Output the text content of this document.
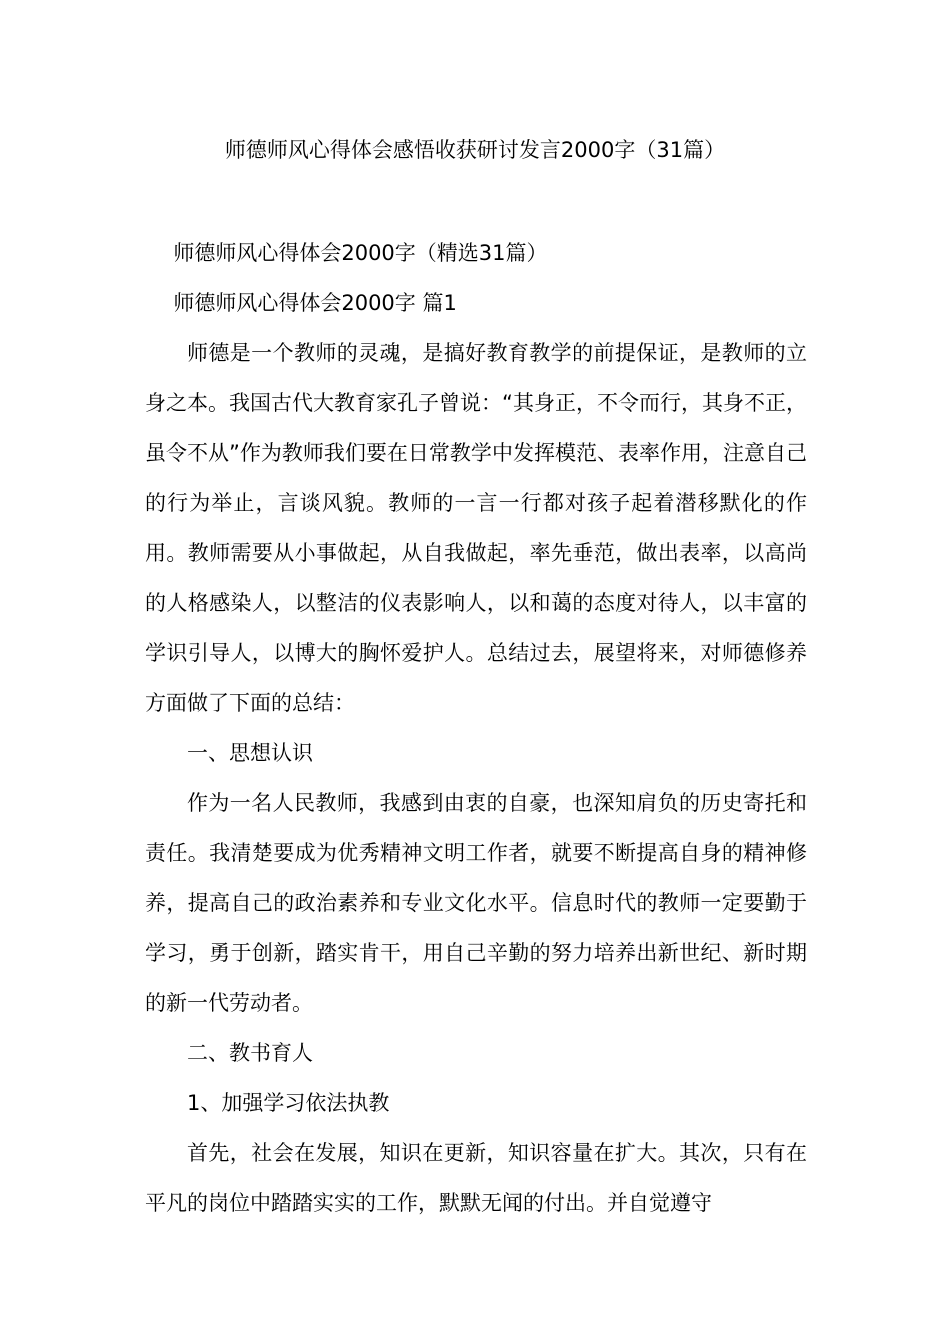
师德师风心得体会感悟收获研讨发言2000字（31篇）

师德师风心得体会2000字（精选31篇）

师德师风心得体会2000字 篇1

师德是一个教师的灵魂，是搞好教育教学的前提保证，是教师的立身之本。我国古代大教育家孔子曾说：“其身正，不令而行，其身不正，虽令不从”作为教师我们要在日常教学中发挥模范、表率作用，注意自己的行为举止，言谈风貌。教师的一言一行都对孩子起着潜移默化的作用。教师需要从小事做起，从自我做起，率先垂范，做出表率，以高尚的人格感染人，以整洁的仪表影响人，以和蔼的态度对待人，以丰富的学识引导人，以博大的胸怀爱护人。总结过去，展望将来，对师德修养方面做了下面的总结：

一、思想认识

作为一名人民教师，我感到由衷的自豪，也深知肩负的历史寄托和责任。我清楚要成为优秀精神文明工作者，就要不断提高自身的精神修养，提高自己的政治素养和专业文化水平。信息时代的教师一定要勤于学习，勇于创新，踏实肯干，用自己辛勤的努力培养出新世纪、新时期的新一代劳动者。

二、教书育人

1、加强学习依法执教

首先，社会在发展，知识在更新，知识容量在扩大。其次，只有在平凡的岗位中踏踏实实的工作，默默无闻的付出。并自觉遵守
